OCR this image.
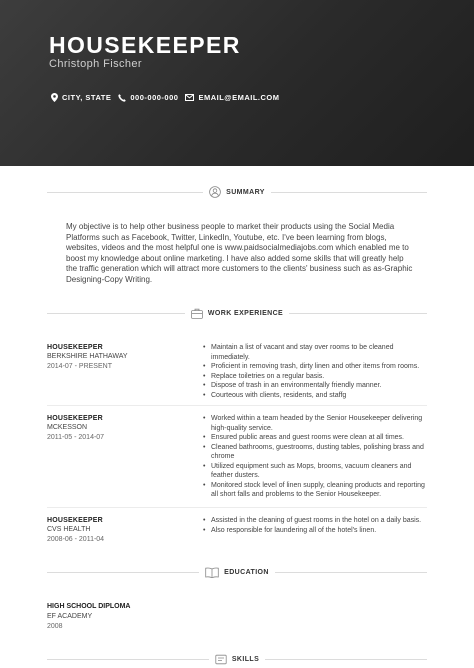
HOUSEKEEPER
Christoph Fischer
CITY, STATE	000-000-000	EMAIL@EMAIL.COM
SUMMARY
My objective is to help other business people to market their products using the Social Media Platforms such as Facebook, Twitter, LinkedIn, Youtube, etc. I've been learning from blogs, websites, videos and the most helpful one is www.paidsocialmediajobs.com which enabled me to boost my knowledge about online marketing. I have also added some skills that will greatly help the traffic generation which will attract more customers to the clients' business such as as-Graphic Designing-Copy Writing.
WORK EXPERIENCE
HOUSEKEEPER
BERKSHIRE HATHAWAY
2014-07 - PRESENT
• Maintain a list of vacant and stay over rooms to be cleaned immediately.
• Proficient in removing trash, dirty linen and other items from rooms.
• Replace toiletries on a regular basis.
• Dispose of trash in an environmentally friendly manner.
• Courteous with clients, residents, and staffg
HOUSEKEEPER
MCKESSON
2011-05 - 2014-07
• Worked within a team headed by the Senior Housekeeper delivering high-quality service.
• Ensured public areas and guest rooms were clean at all times.
• Cleaned bathrooms, guestrooms, dusting tables, polishing brass and chrome
• Utilized equipment such as Mops, brooms, vacuum cleaners and feather dusters.
• Monitored stock level of linen supply, cleaning products and reporting all short falls and problems to the Senior Housekeeper.
HOUSEKEEPER
CVS HEALTH
2008-06 - 2011-04
• Assisted in the cleaning of guest rooms in the hotel on a daily basis.
• Also responsible for laundering all of the hotel's linen.
EDUCATION
HIGH SCHOOL DIPLOMA
EF ACADEMY
2008
SKILLS
